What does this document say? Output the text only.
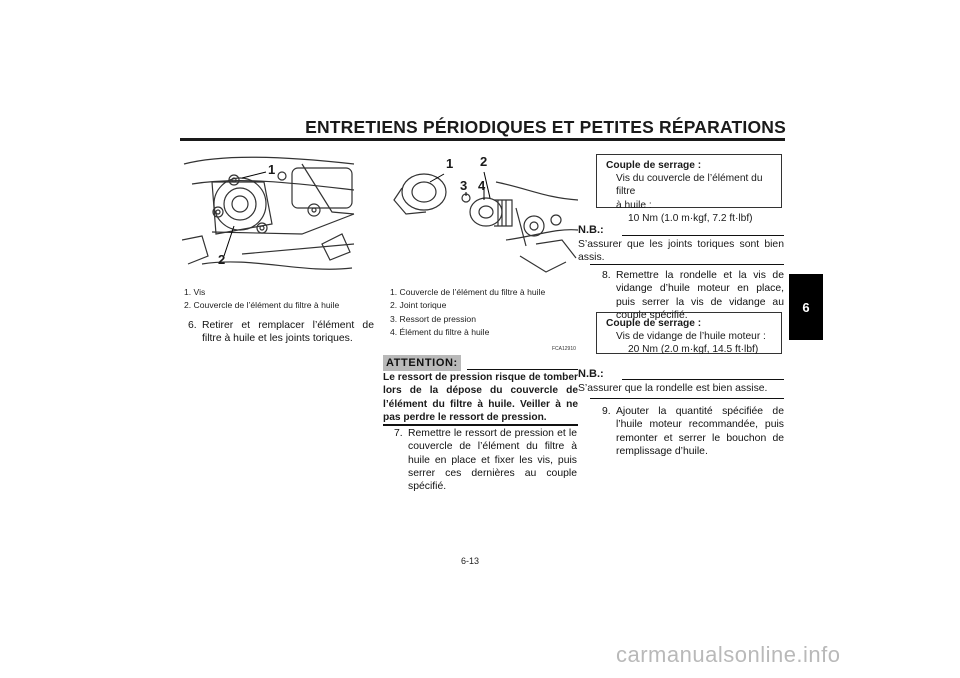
ENTRETIENS PÉRIODIQUES ET PETITES RÉPARATIONS
6
1
2
1. Vis
2. Couvercle de l’élément du filtre à huile
6. Retirer et remplacer l’élément de filtre à huile et les joints toriques.
1 2
3 4
1. Couvercle de l’élément du filtre à huile
2. Joint torique
3. Ressort de pression
4. Élément du filtre à huile
FCA12910
ATTENTION:
Le ressort de pression risque de tomber lors de la dépose du couvercle de l’élément du filtre à huile. Veiller à ne pas perdre le ressort de pression.
7. Remettre le ressort de pression et le couvercle de l’élément du filtre à huile en place et fixer les vis, puis serrer ces dernières au couple spécifié.
Couple de serrage :
Vis du couvercle de l’élément du filtre
à huile :
10 Nm (1.0 m·kgf, 7.2 ft·lbf)
N.B.:
S’assurer que les joints toriques sont bien assis.
8. Remettre la rondelle et la vis de vidange d’huile moteur en place, puis serrer la vis de vidange au couple spécifié.
Couple de serrage :
Vis de vidange de l’huile moteur :
20 Nm (2.0 m·kgf, 14.5 ft·lbf)
N.B.:
S’assurer que la rondelle est bien assise.
9. Ajouter la quantité spécifiée de l’huile moteur recommandée, puis remonter et serrer le bouchon de remplissage d’huile.
6-13
carmanualsonline.info
